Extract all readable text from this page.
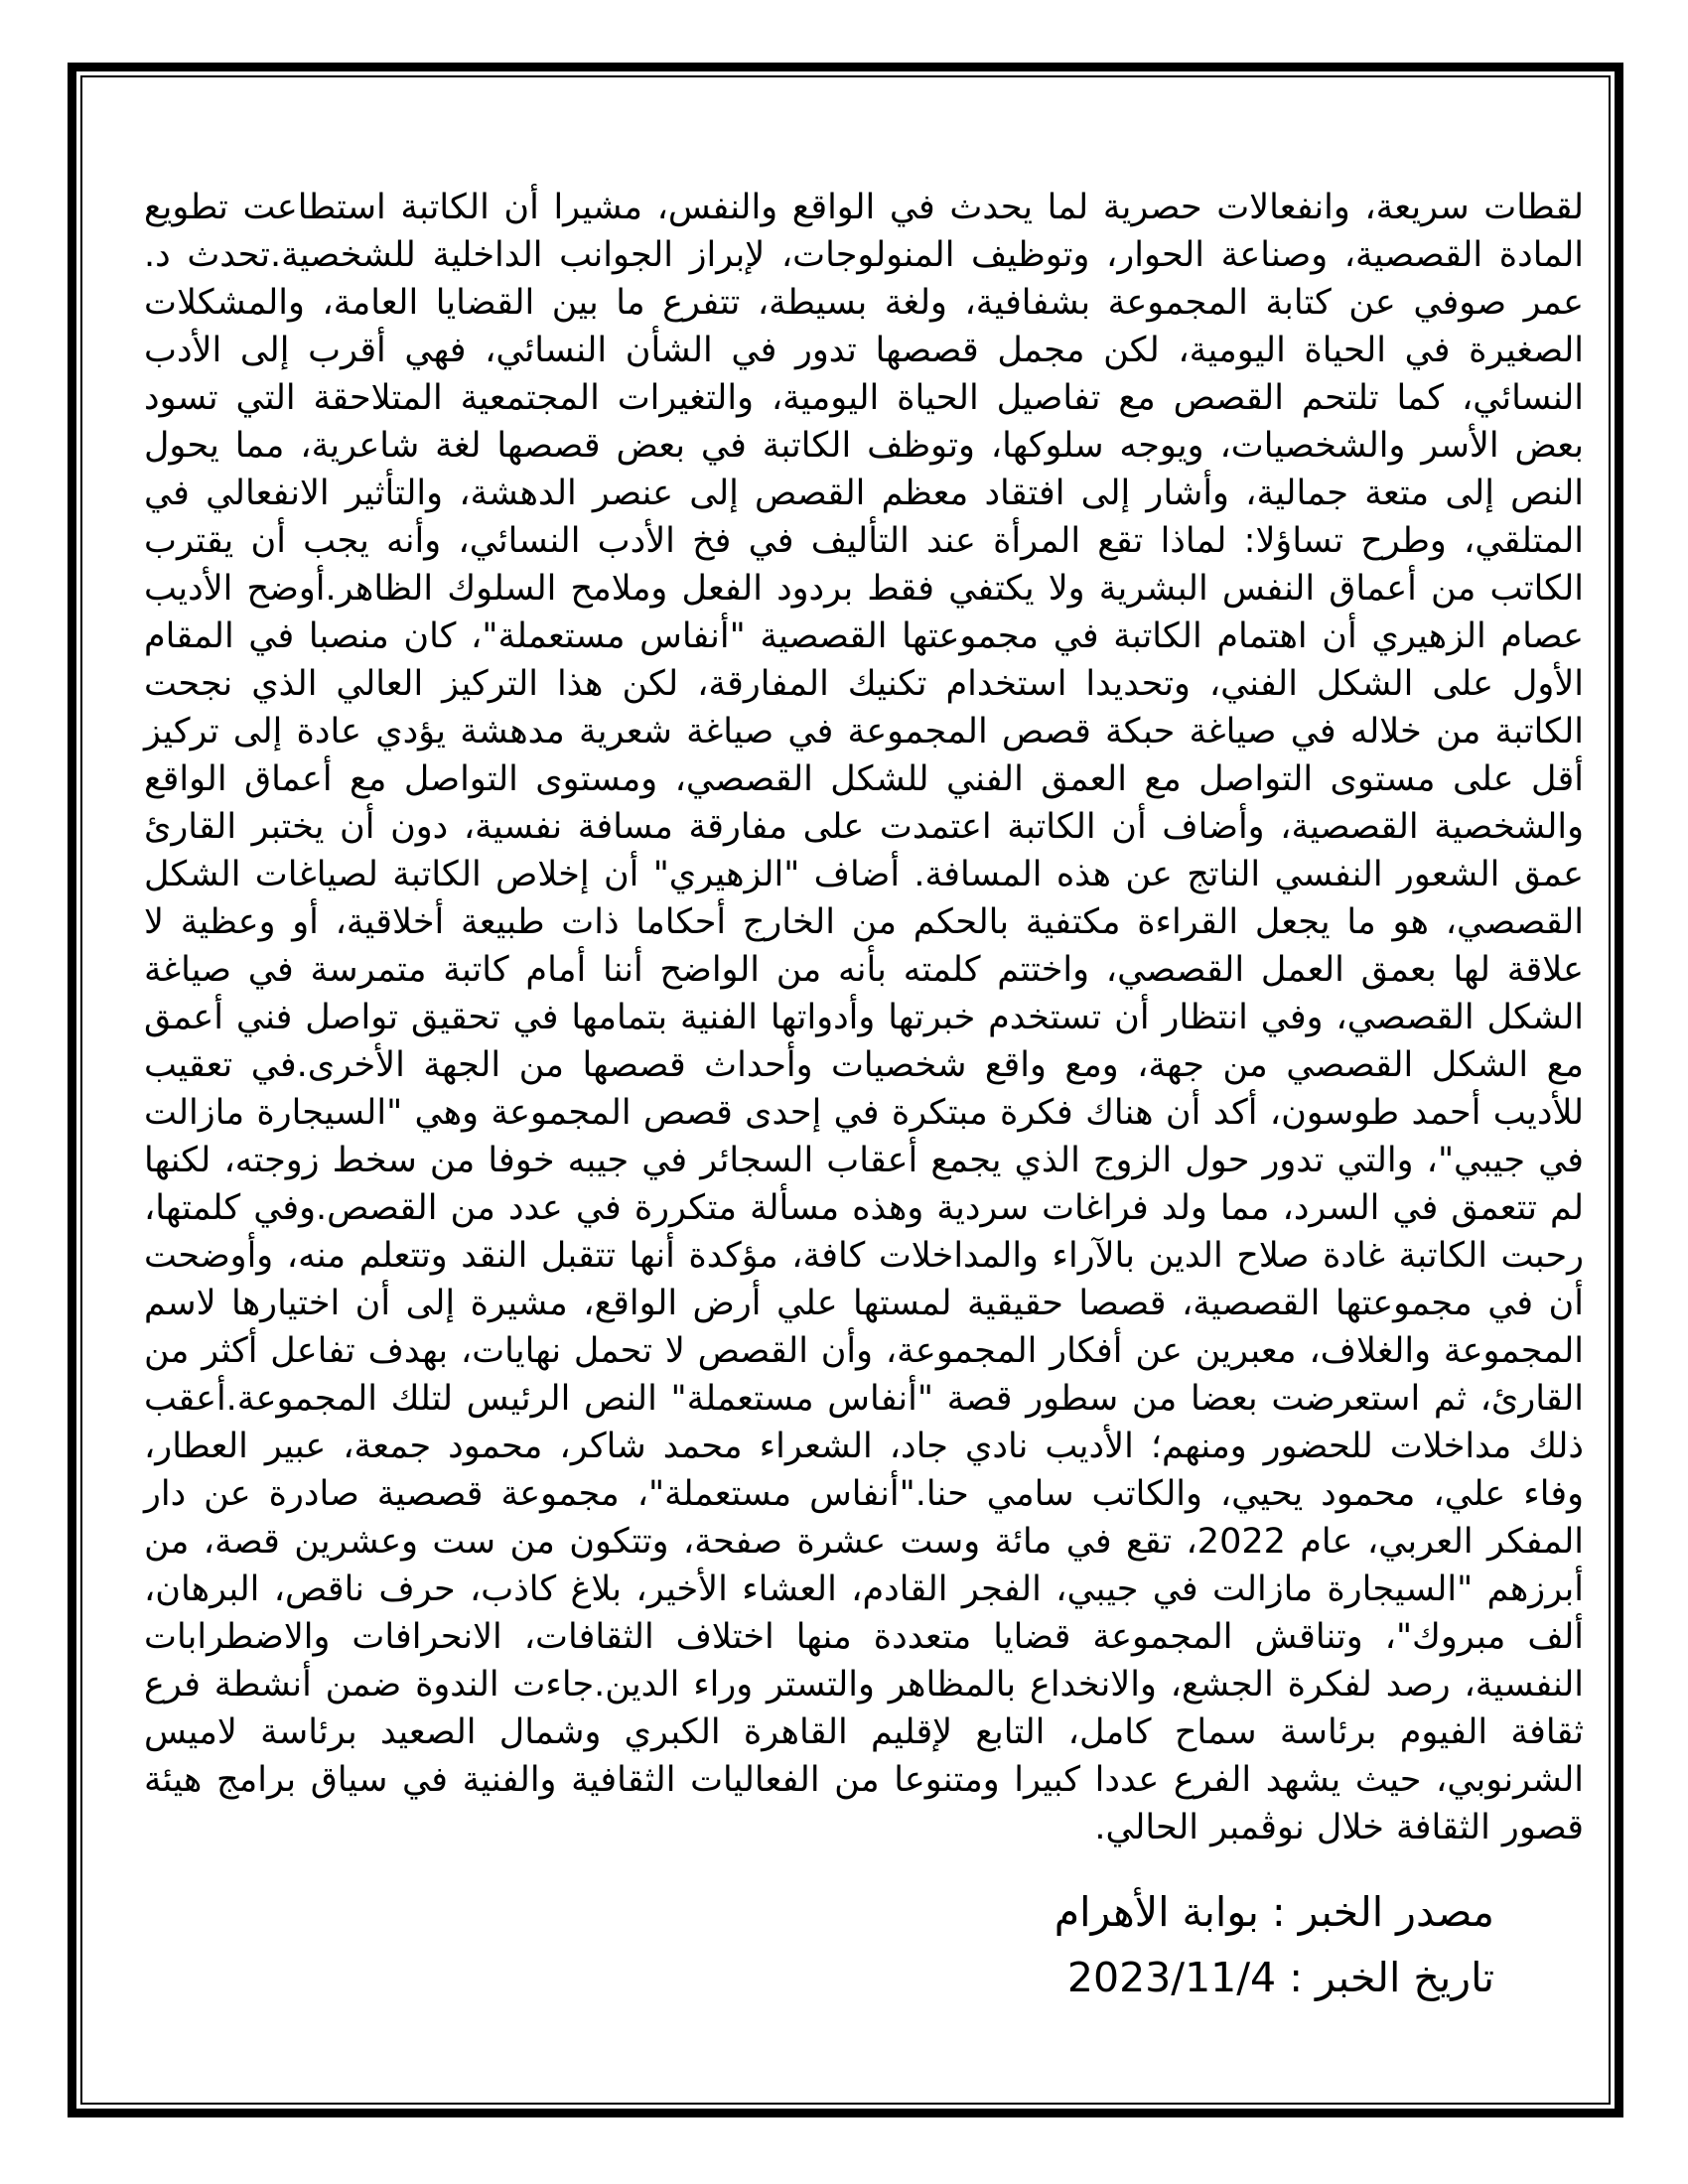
لقطات سريعة، وانفعالات حصرية لما يحدث في الواقع والنفس، مشيرا أن الكاتبة استطاعت تطويع المادة القصصية، وصناعة الحوار، وتوظيف المنولوجات، لإبراز الجوانب الداخلية للشخصية.تحدث د. عمر صوفي عن كتابة المجموعة بشفافية، ولغة بسيطة، تتفرع ما بين القضايا العامة، والمشكلات الصغيرة في الحياة اليومية، لكن مجمل قصصها تدور في الشأن النسائي، فهي أقرب إلى الأدب النسائي، كما تلتحم القصص مع تفاصيل الحياة اليومية، والتغيرات المجتمعية المتلاحقة التي تسود بعض الأسر والشخصيات، ويوجه سلوكها، وتوظف الكاتبة في بعض قصصها لغة شاعرية، مما يحول النص إلى متعة جمالية، وأشار إلى افتقاد معظم القصص إلى عنصر الدهشة، والتأثير الانفعالي في المتلقي، وطرح تساؤلا: لماذا تقع المرأة عند التأليف في فخ الأدب النسائي، وأنه يجب أن يقترب الكاتب من أعماق النفس البشرية ولا يكتفي فقط بردود الفعل وملامح السلوك الظاهر.أوضح الأديب عصام الزهيري أن اهتمام الكاتبة في مجموعتها القصصية "أنفاس مستعملة"، كان منصبا في المقام الأول على الشكل الفني، وتحديدا استخدام تكنيك المفارقة، لكن هذا التركيز العالي الذي نجحت الكاتبة من خلاله في صياغة حبكة قصص المجموعة في صياغة شعرية مدهشة يؤدي عادة إلى تركيز أقل على مستوى التواصل مع العمق الفني للشكل القصصي، ومستوى التواصل مع أعماق الواقع والشخصية القصصية، وأضاف أن الكاتبة اعتمدت على مفارقة مسافة نفسية، دون أن يختبر القارئ عمق الشعور النفسي الناتج عن هذه المسافة. أضاف "الزهيري" أن إخلاص الكاتبة لصياغات الشكل القصصي، هو ما يجعل القراءة مكتفية بالحكم من الخارج أحكاما ذات طبيعة أخلاقية، أو وعظية لا علاقة لها بعمق العمل القصصي، واختتم كلمته بأنه من الواضح أننا أمام كاتبة متمرسة في صياغة الشكل القصصي، وفي انتظار أن تستخدم خبرتها وأدواتها الفنية بتمامها في تحقيق تواصل فني أعمق مع الشكل القصصي من جهة، ومع واقع شخصيات وأحداث قصصها من الجهة الأخرى.في تعقيب للأديب أحمد طوسون، أكد أن هناك فكرة مبتكرة في إحدى قصص المجموعة وهي "السيجارة مازالت في جيبي"، والتي تدور حول الزوج الذي يجمع أعقاب السجائر في جيبه خوفا من سخط زوجته، لكنها لم تتعمق في السرد، مما ولد فراغات سردية وهذه مسألة متكررة في عدد من القصص.وفي كلمتها، رحبت الكاتبة غادة صلاح الدين بالآراء والمداخلات كافة، مؤكدة أنها تتقبل النقد وتتعلم منه، وأوضحت أن في مجموعتها القصصية، قصصا حقيقية لمستها علي أرض الواقع، مشيرة إلى أن اختيارها لاسم المجموعة والغلاف، معبرين عن أفكار المجموعة، وأن القصص لا تحمل نهايات، بهدف تفاعل أكثر من القارئ، ثم استعرضت بعضا من سطور قصة "أنفاس مستعملة" النص الرئيس لتلك المجموعة.أعقب ذلك مداخلات للحضور ومنهم؛ الأديب نادي جاد، الشعراء محمد شاكر، محمود جمعة، عبير العطار، وفاء علي، محمود يحيي، والكاتب سامي حنا."أنفاس مستعملة"، مجموعة قصصية صادرة عن دار المفكر العربي، عام 2022، تقع في مائة وست عشرة صفحة، وتتكون من ست وعشرين قصة، من أبرزهم "السيجارة مازالت في جيبي، الفجر القادم، العشاء الأخير، بلاغ كاذب، حرف ناقص، البرهان، ألف مبروك"، وتناقش المجموعة قضايا متعددة منها اختلاف الثقافات، الانحرافات والاضطرابات النفسية، رصد لفكرة الجشع، والانخداع بالمظاهر والتستر وراء الدين.جاءت الندوة ضمن أنشطة فرع ثقافة الفيوم برئاسة سماح كامل، التابع لإقليم القاهرة الكبري وشمال الصعيد برئاسة لاميس الشرنوبي، حيث يشهد الفرع عددا كبيرا ومتنوعا من الفعاليات الثقافية والفنية في سياق برامج هيئة قصور الثقافة خلال نوڤمبر الحالي.
مصدر الخبر : بوابة الأهرام
تاريخ الخبر : 2023/11/4
